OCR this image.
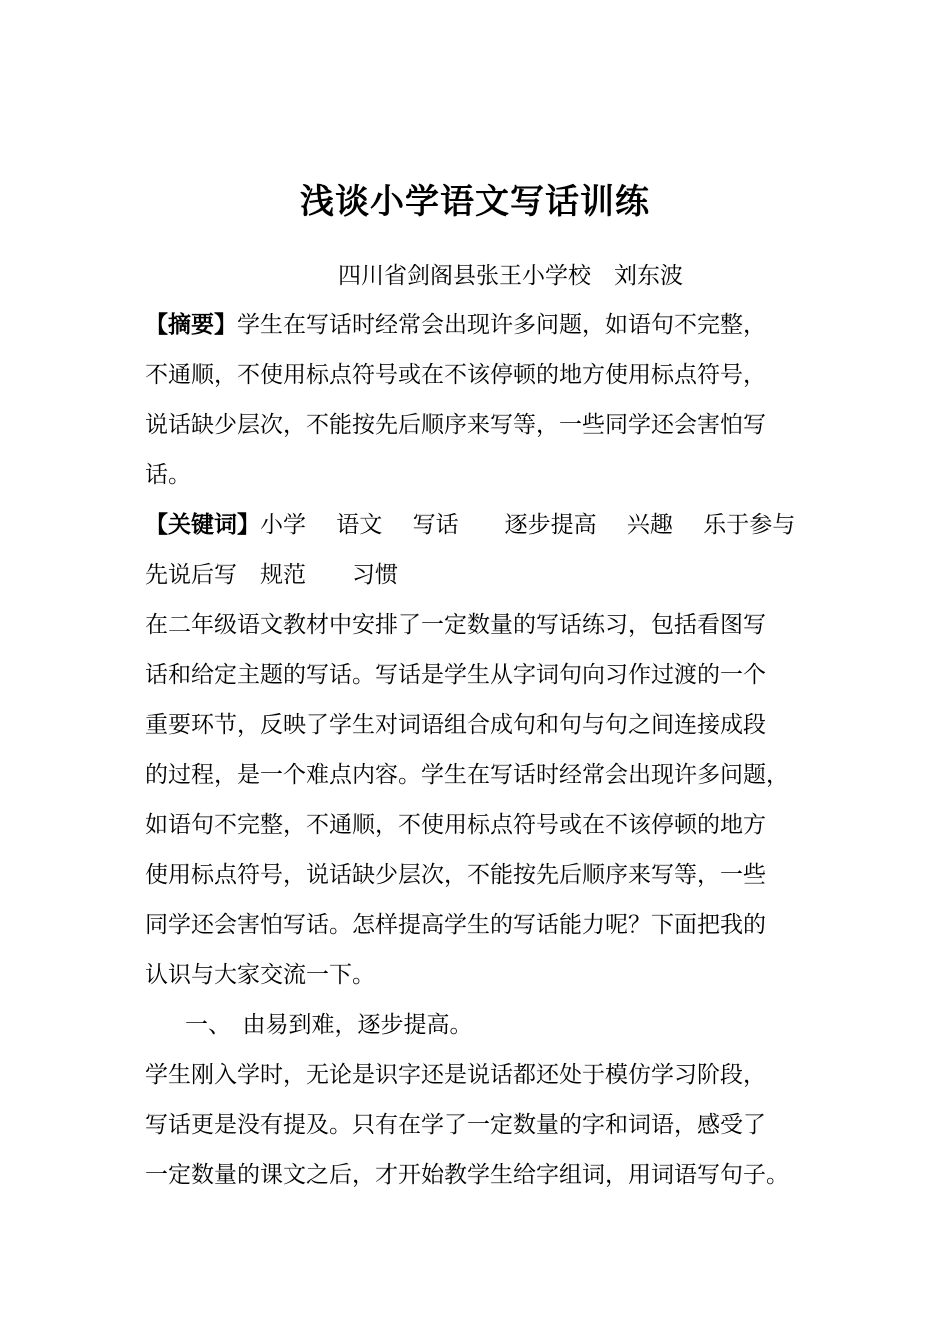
浅谈小学语文写话训练
四川省剑阁县张王小学校　刘东波
【摘要】学生在写话时经常会出现许多问题，如语句不完整，
不通顺，不使用标点符号或在不该停顿的地方使用标点符号，
说话缺少层次，不能按先后顺序来写等，一些同学还会害怕写
话。
【关键词】小学　 语文　 写话　　逐步提高　 兴趣　 乐于参与
先说后写　规范　　习惯
在二年级语文教材中安排了一定数量的写话练习，包括看图写
话和给定主题的写话。写话是学生从字词句向习作过渡的一个
重要环节，反映了学生对词语组合成句和句与句之间连接成段
的过程，是一个难点内容。学生在写话时经常会出现许多问题，
如语句不完整，不通顺，不使用标点符号或在不该停顿的地方
使用标点符号，说话缺少层次，不能按先后顺序来写等，一些
同学还会害怕写话。怎样提高学生的写话能力呢？下面把我的
认识与大家交流一下。
一、　由易到难，逐步提高。
学生刚入学时，无论是识字还是说话都还处于模仿学习阶段，
写话更是没有提及。只有在学了一定数量的字和词语，感受了
一定数量的课文之后，才开始教学生给字组词，用词语写句子。
